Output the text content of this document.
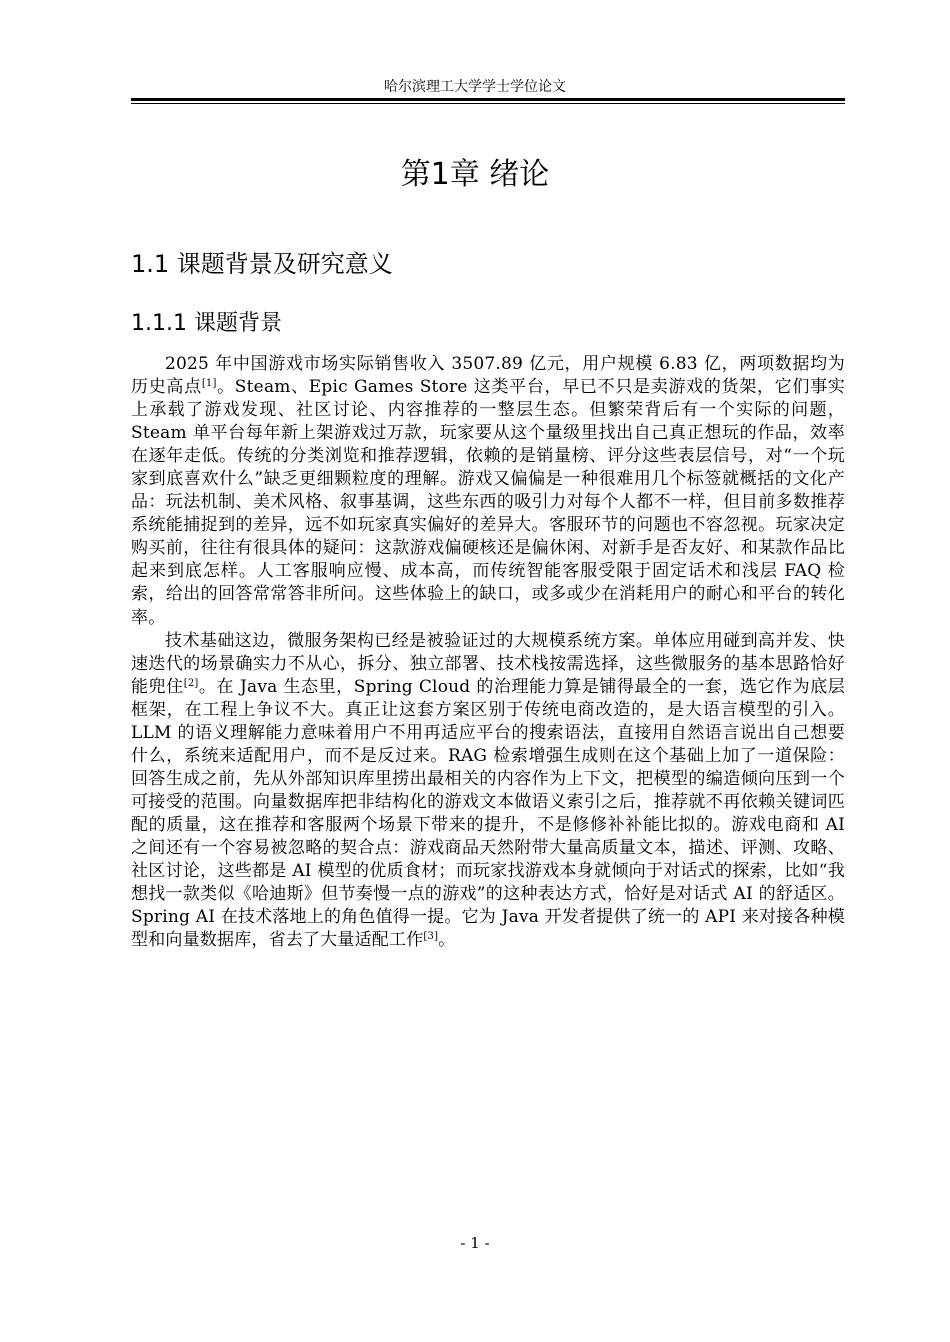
哈尔滨理工大学学士学位论文
第1章 绪论
1.1 课题背景及研究意义
1.1.1 课题背景

2025 年中国游戏市场实际销售收入 3507.89 亿元，用户规模 6.83 亿，两项数据均为历史高点[1]。Steam、Epic Games Store 这类平台，早已不只是卖游戏的货架，它们事实上承载了游戏发现、社区讨论、内容推荐的一整层生态。但繁荣背后有一个实际的问题，Steam 单平台每年新上架游戏过万款，玩家要从这个量级里找出自己真正想玩的作品，效率在逐年走低。传统的分类浏览和推荐逻辑，依赖的是销量榜、评分这些表层信号，对“一个玩家到底喜欢什么”缺乏更细颗粒度的理解。游戏又偏偏是一种很难用几个标签就概括的文化产品：玩法机制、美术风格、叙事基调，这些东西的吸引力对每个人都不一样，但目前多数推荐系统能捕捉到的差异，远不如玩家真实偏好的差异大。客服环节的问题也不容忽视。玩家决定购买前，往往有很具体的疑问：这款游戏偏硬核还是偏休闲、对新手是否友好、和某款作品比起来到底怎样。人工客服响应慢、成本高，而传统智能客服受限于固定话术和浅层 FAQ 检索，给出的回答常常答非所问。这些体验上的缺口，或多或少在消耗用户的耐心和平台的转化率。

技术基础这边，微服务架构已经是被验证过的大规模系统方案。单体应用碰到高并发、快速迭代的场景确实力不从心，拆分、独立部署、技术栈按需选择，这些微服务的基本思路恰好能兜住[2]。在 Java 生态里，Spring Cloud 的治理能力算是铺得最全的一套，选它作为底层框架，在工程上争议不大。真正让这套方案区别于传统电商改造的，是大语言模型的引入。LLM 的语义理解能力意味着用户不用再适应平台的搜索语法，直接用自然语言说出自己想要什么，系统来适配用户，而不是反过来。RAG 检索增强生成则在这个基础上加了一道保险：回答生成之前，先从外部知识库里捞出最相关的内容作为上下文，把模型的编造倾向压到一个可接受的范围。向量数据库把非结构化的游戏文本做语义索引之后，推荐就不再依赖关键词匹配的质量，这在推荐和客服两个场景下带来的提升，不是修修补补能比拟的。游戏电商和 AI 之间还有一个容易被忽略的契合点：游戏商品天然附带大量高质量文本，描述、评测、攻略、社区讨论，这些都是 AI 模型的优质食材；而玩家找游戏本身就倾向于对话式的探索，比如“我想找一款类似《哈迪斯》但节奏慢一点的游戏”的这种表达方式，恰好是对话式 AI 的舒适区。Spring AI 在技术落地上的角色值得一提。它为 Java 开发者提供了统一的 API 来对接各种模型和向量数据库，省去了大量适配工作[3]。

- 1 -
